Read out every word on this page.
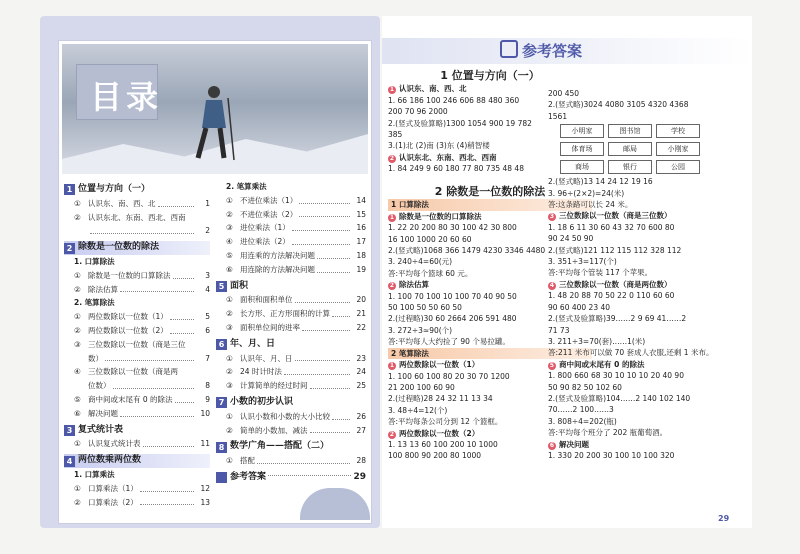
目录
1 位置与方向（一）
① 认识东、南、西、北	1
② 认识东北、东南、西北、西南
2
2 除数是一位数的除法
1. 口算除法
① 除数是一位数的口算除法	3
② 除法估算	4
2. 笔算除法
① 两位数除以一位数（1）	5
② 两位数除以一位数（2）	6
③ 三位数除以一位数（商是三位
数）	7
④ 三位数除以一位数（商是两
位数）	8
⑤ 商中间或末尾有 0 的除法	9
⑥ 解决问题	10
3 复式统计表
① 认识复式统计表	11
4 两位数乘两位数
1. 口算乘法
① 口算乘法（1）	12
② 口算乘法（2）	13
2. 笔算乘法
① 不进位乘法（1）	14
② 不进位乘法（2）	15
③ 进位乘法（1）	16
④ 进位乘法（2）	17
⑤ 用连乘的方法解决问题	18
⑥ 用连除的方法解决问题	19
5 面积
① 面积和面积单位	20
② 长方形、正方形面积的计算	21
③ 面积单位间的进率	22
6 年、月、日
① 认识年、月、日	23
② 24 时计时法	24
③ 计算简单的经过时间	25
7 小数的初步认识
① 认识小数和小数的大小比较	26
② 简单的小数加、减法	27
8 数学广角——搭配（二）
① 搭配	28
参考答案	29
参考答案
1 位置与方向（一）
1 认识东、南、西、北
1. 66 186 100 246 606 88 480 360
200 70 96 2000
2.(竖式及验算略)1300 1054 900 19 782
385
3.(1)北 (2)南 (3)东 (4)稍智楼
2 认识东北、东南、西北、西南
1. 84 249 9 60 180 77 80 735 48 48
2 除数是一位数的除法
1 口算除法
1 除数是一位数的口算除法
1. 22 20 200 80 30 100 42 30 800
16 100 1000 20 60 60
2.(竖式略)1068 366 1479 4230 3346 4480
3. 240÷4=60(元)
答:平均每个篮球 60 元。
2 除法估算
1. 100 70 100 10 100 70 40 90 50
50 100 50 50 60 50
2.(过程略)30 60 2664 206 591 480
3. 272÷3≈90(个)
答:平均每人大约捡了 90 个易拉罐。
2 笔算除法
1 两位数除以一位数（1）
1. 100 60 100 80 20 30 70 1200
21 200 100 60 90
2.(过程略)28 24 32 11 13 34
3. 48÷4=12(个)
答:平均每条公司分到 12 个篮框。
2 两位数除以一位数（2）
1. 13 13 60 100 200 10 1000
100 800 90 200 80 1000
200 450
2.(竖式略)3024 4080 3105 4320 4368
1561
小明家	图书馆	学校
体育场	邮局	小刚家
商场	银行	公园
2.(竖式略)13 14 24 12 19 16
3. 96÷(2×2)=24(米)
答:这条路可以长 24 米。
3 三位数除以一位数（商是三位数）
1. 18 6 11 30 60 43 32 70 600 80
90 24 50 90
2.(竖式略)121 112 115 112 328 112
3. 351÷3=117(个)
答:平均每个管装 117 个苹果。
4 三位数除以一位数（商是两位数）
1. 48 20 88 70 50 22 0 110 60 60
90 60 400 23 40
2.(竖式及验算略)39……2 9 69 41……2
71 73
3. 211÷3=70(套)……1(米)
答:211 米布可以做 70 套成人衣服,还剩 1 米布。
5 商中间或末尾有 0 的除法
1. 800 660 68 30 10 10 10 20 40 90
50 90 82 50 102 60
2.(竖式及验算略)104……2 140 102 140
70……2 100……3
3. 808÷4=202(瓶)
答:平均每个班分了 202 瓶葡萄酒。
6 解决问题
1. 330 20 200 30 100 10 100 320
29
